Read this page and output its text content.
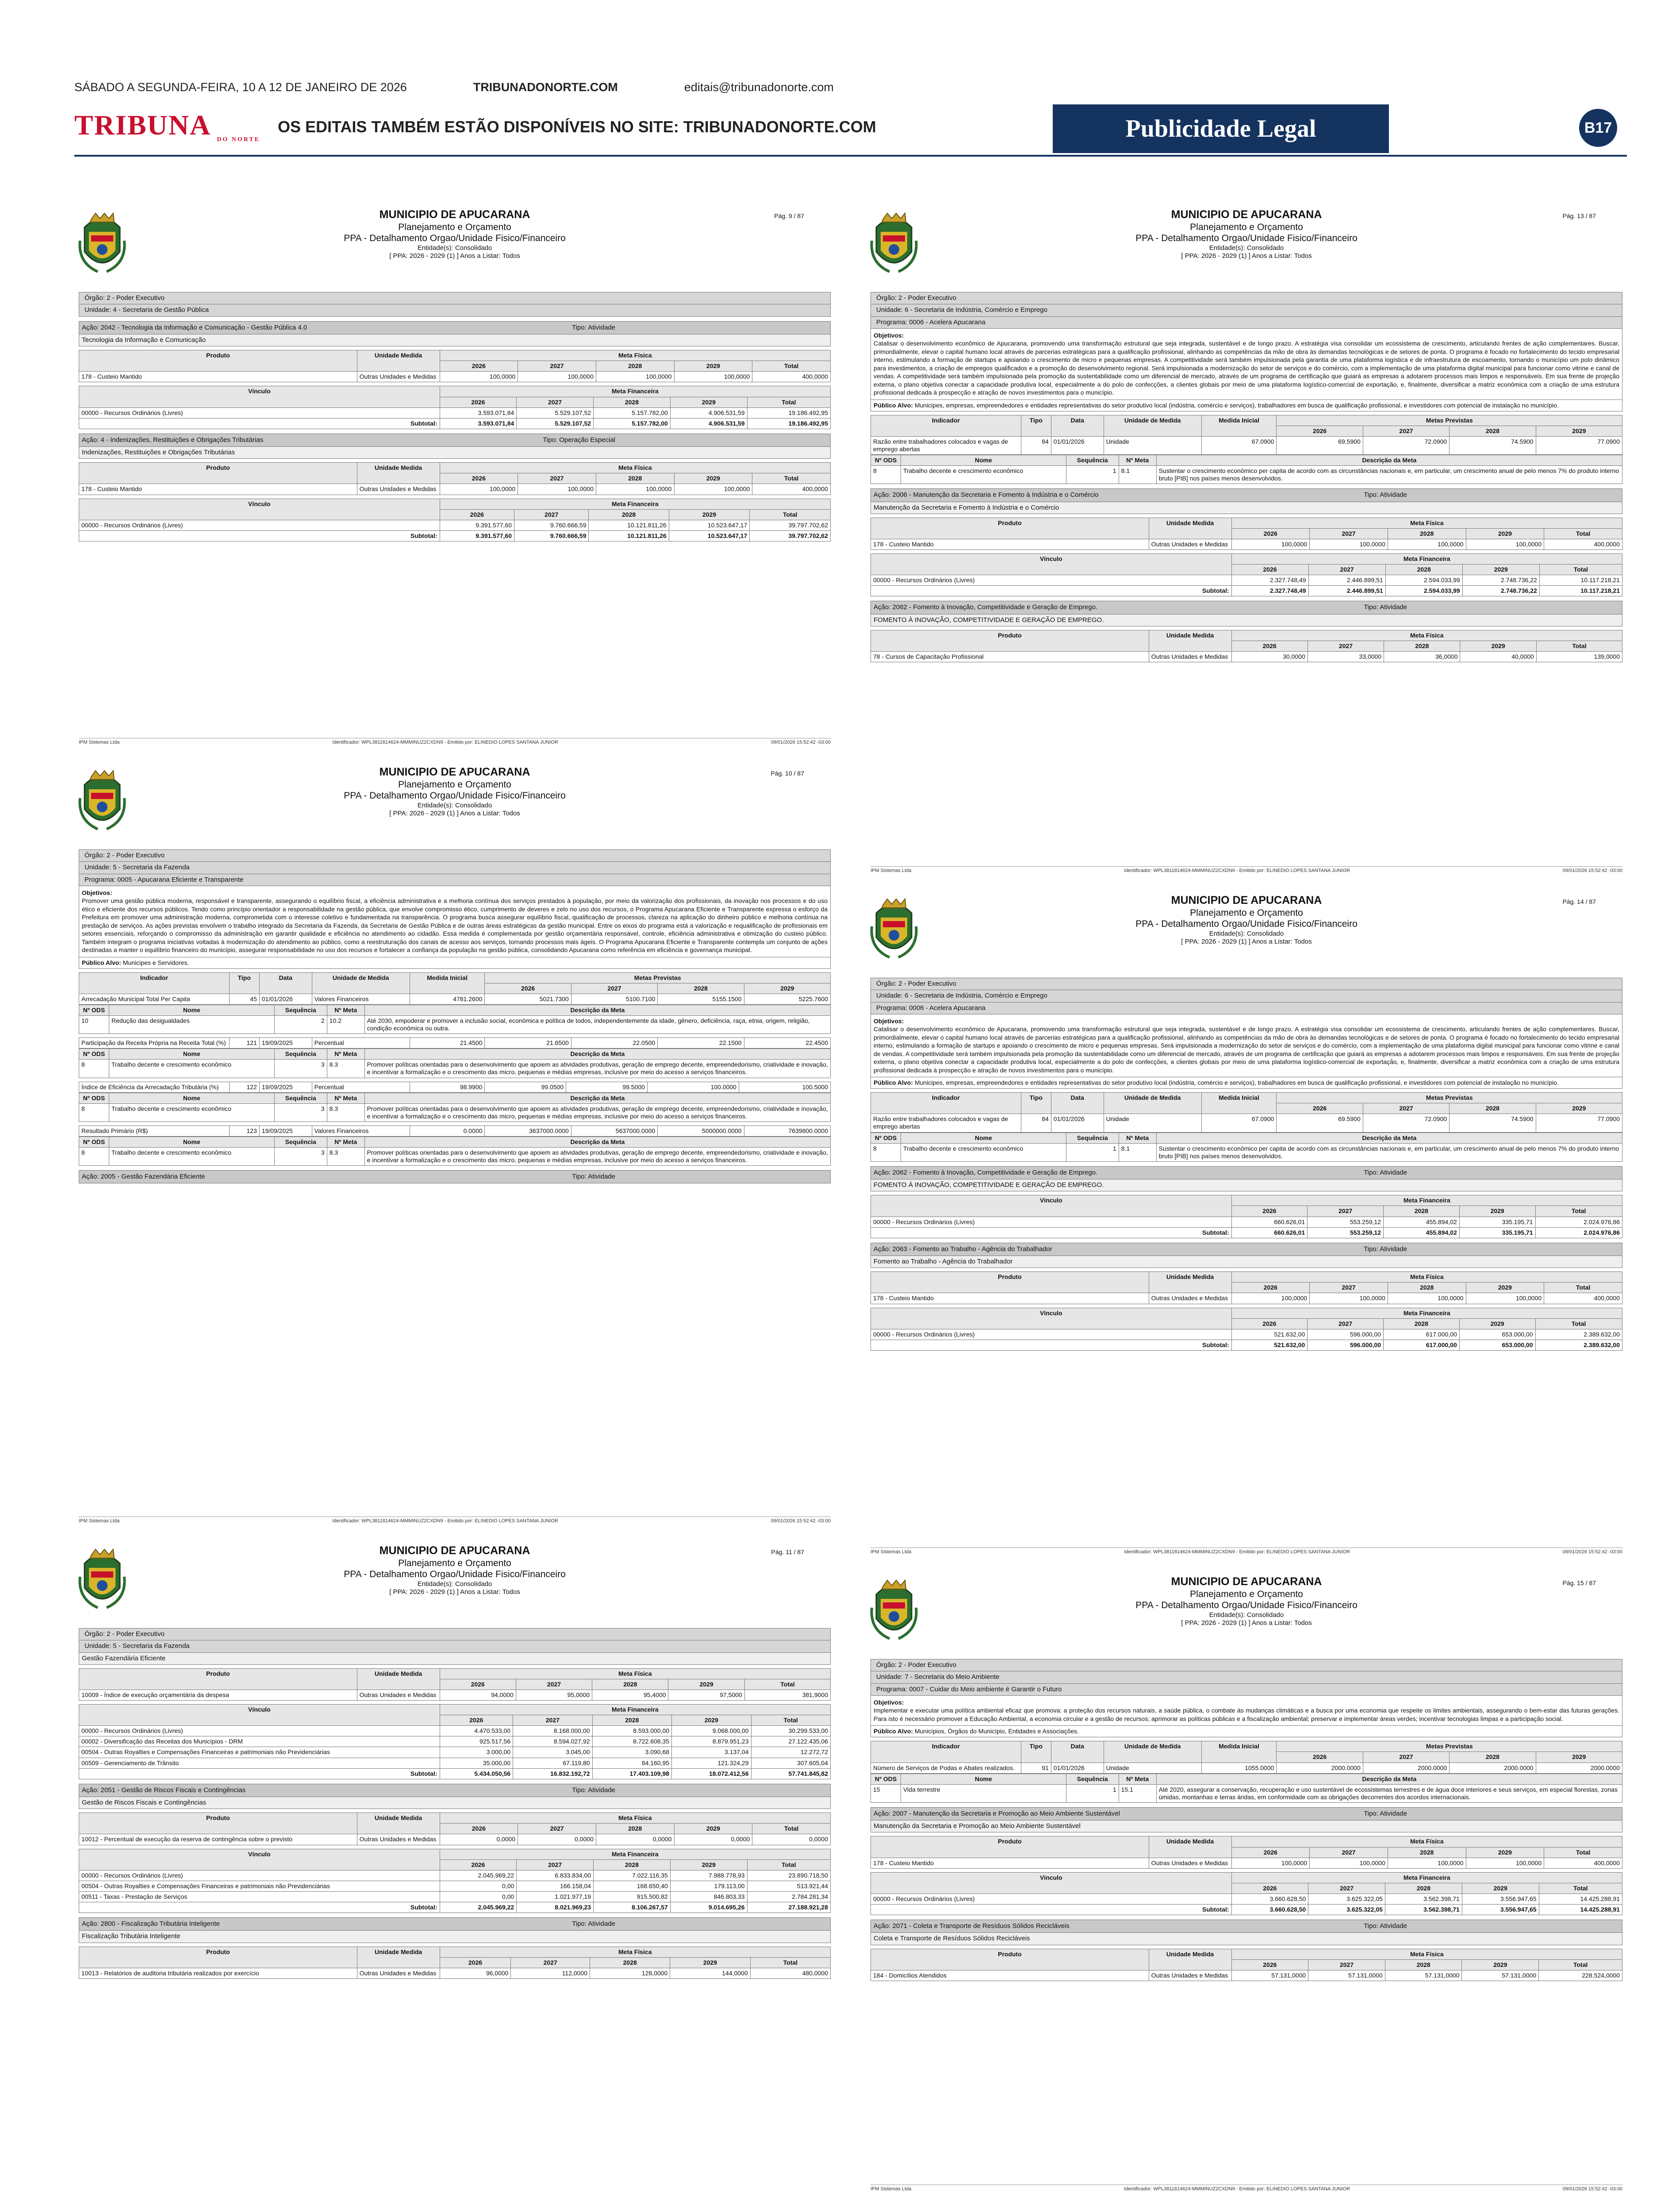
SÁBADO A SEGUNDA-FEIRA, 10 A 12 DE JANEIRO DE 2026	TRIBUNADONORTE.COM	editais@tribunadonorte.com
TRIBUNA DO NORTE
OS EDITAIS TAMBÉM ESTÃO DISPONÍVEIS NO SITE: TRIBUNADONORTE.COM	Publicidade Legal	B17
MUNICIPIO DE APUCARANA
Planejamento e Orçamento
PPA - Detalhamento Orgao/Unidade Fisico/Financeiro
Entidade(s): Consolidado
[ PPA: 2026 - 2029 (1) ] Anos a Listar: Todos
Pág. 9 / 87
Órgão: 2 - Poder Executivo
Unidade: 4 - Secretaria de Gestão Pública
Ação: 2042 - Tecnologia da Informação e Comunicação - Gestão Pública 4.0	Tipo: Atividade
Tecnologia da Informação e Comunicação
Produto	Unidade Medida	Meta Física				
		2026	2027	2028	2029	Total
178 - Custeio Mantido	Outras Unidades e Medidas	100,0000	100,0000	100,0000	100,0000	400,0000
Vínculo	Meta Financeira				
	2026	2027	2028	2029	Total
00000 - Recursos Ordinários (Livres)	3.593.071,84	5.529.107,52	5.157.782,00	4.906.531,59	19.186.492,95
Subtotal:	3.593.071,84	5.529.107,52	5.157.782,00	4.906.531,59	19.186.492,95
Ação: 4 - Indenizações, Restituições e Obrigações Tributárias	Tipo: Operação Especial
Indenizações, Restituições e Obrigações Tributárias
Produto	Unidade Medida	Meta Física				
		2026	2027	2028	2029	Total
178 - Custeio Mantido	Outras Unidades e Medidas	100,0000	100,0000	100,0000	100,0000	400,0000
Vínculo	Meta Financeira				
	2026	2027	2028	2029	Total
00000 - Recursos Ordinários (Livres)	9.391.577,60	9.760.666,59	10.121.811,26	10.523.647,17	39.797.702,62
Subtotal:	9.391.577,60	9.760.666,59	10.121.811,26	10.523.647,17	39.797.702,62
IPM Sistemas Ltda	Identificador: WPL3811814624-MMMINUZ2CXDN9 - Emitido por: ELINEDIO LOPES SANTANA JUNIOR	09/01/2026 15:52:42 -03:00
MUNICIPIO DE APUCARANA
Planejamento e Orçamento
PPA - Detalhamento Orgao/Unidade Fisico/Financeiro
Entidade(s): Consolidado
[ PPA: 2026 - 2029 (1) ] Anos a Listar: Todos
Pág. 10 / 87
Órgão: 2 - Poder Executivo
Unidade: 5 - Secretaria da Fazenda
Programa: 0005 - Apucarana Eficiente e Transparente
Objetivos:
Promover uma gestão pública moderna, responsável e transparente, assegurando o equilíbrio fiscal, a eficiência administrativa e a melhoria contínua dos serviços prestados à população, por meio da valorização dos profissionais, da inovação nos processos e do uso ético e eficiente dos recursos públicos. Tendo como princípio orientador a responsabilidade na gestão pública, que envolve compromisso ético, cumprimento de deveres e zelo no uso dos recursos, o Programa Apucarana Eficiente e Transparente expressa o esforço da Prefeitura em promover uma administração moderna, comprometida com o interesse coletivo e fundamentada na transparência. O programa busca assegurar equilíbrio fiscal, qualificação de processos, clareza na aplicação do dinheiro público e melhoria contínua na prestação de serviços. As ações previstas envolvem o trabalho integrado da Secretaria da Fazenda, da Secretaria de Gestão Pública e de outras áreas estratégicas da gestão municipal. Entre os eixos do programa está a valorização e requalificação de profissionais em setores essenciais, reforçando o compromisso da administração em garantir qualidade e eficiência no atendimento ao cidadão. Essa medida é complementada por gestão orçamentária responsável, controle, eficiência administrativa e otimização do custeio público. Também integram o programa iniciativas voltadas à modernização do atendimento ao público, como a reestruturação dos canais de acesso aos serviços, tornando processos mais ágeis. O Programa Apucarana Eficiente e Transparente contempla um conjunto de ações destinadas a manter o equilíbrio financeiro do município, assegurar responsabilidade no uso dos recursos e fortalecer a confiança da população na gestão pública, consolidando Apucarana como referência em eficiência e governança municipal.
Público Alvo: Municipes e Servidores.
Indicador	Tipo	Data	Unidade de Medida	Medida Inicial	Metas Previstas			
					2026	2027	2028	2029
Arrecadação Municipal Total Per Capita	45	01/01/2026	Valores Financeiros	4781.2600	5021.7300	5100.7100	5155.1500	5225.7600
Nº ODS	Nome	Sequência	Nº Meta	Descrição da Meta
10	Redução das desigualdades	2	10.2	Até 2030, empoderar e promover a inclusão social, econômica e política de todos, independentemente da idade, gênero, deficiência, raça, etnia, origem, religião, condição econômica ou outra.
Participação da Receita Própria na Receita Total (%)	121	19/09/2025	Percentual	21.4500	21.6500	22.0500	22.1500	22.4500
Nº ODS	Nome	Sequência	Nº Meta	Descrição da Meta
8	Trabalho decente e crescimento econômico	3	8.3	Promover políticas orientadas para o desenvolvimento que apoiem as atividades produtivas, geração de emprego decente, empreendedorismo, criatividade e inovação, e incentivar a formalização e o crescimento das micro, pequenas e médias empresas, inclusive por meio do acesso a serviços financeiros.
Índice de Eficiência da Arrecadação Tributária (%)	122	19/09/2025	Percentual	98.9900	99.0500	99.5000	100.0000	100.5000
Nº ODS	Nome	Sequência	Nº Meta	Descrição da Meta
8	Trabalho decente e crescimento econômico	3	8.3	Promover políticas orientadas para o desenvolvimento que apoiem as atividades produtivas, geração de emprego decente, empreendedorismo, criatividade e inovação, e incentivar a formalização e o crescimento das micro, pequenas e médias empresas, inclusive por meio do acesso a serviços financeiros.
Resultado Primário (R$)	123	19/09/2025	Valores Financeiros	0.0000	3637000.0000	5637000.0000	5000000.0000	7639800.0000
Nº ODS	Nome	Sequência	Nº Meta	Descrição da Meta
8	Trabalho decente e crescimento econômico	3	8.3	Promover políticas orientadas para o desenvolvimento que apoiem as atividades produtivas, geração de emprego decente, empreendedorismo, criatividade e inovação, e incentivar a formalização e o crescimento das micro, pequenas e médias empresas, inclusive por meio do acesso a serviços financeiros.
Ação: 2005 - Gestão Fazendária Eficiente	Tipo: Atividade
IPM Sistemas Ltda	Identificador: WPL3811814624-MMMINUZ2CXDN9 - Emitido por: ELINEDIO LOPES SANTANA JUNIOR	09/01/2026 15:52:42 -03:00
MUNICIPIO DE APUCARANA
Planejamento e Orçamento
PPA - Detalhamento Orgao/Unidade Fisico/Financeiro
Entidade(s): Consolidado
[ PPA: 2026 - 2029 (1) ] Anos a Listar: Todos
Pág. 11 / 87
Órgão: 2 - Poder Executivo
Unidade: 5 - Secretaria da Fazenda
Gestão Fazendária Eficiente
Produto	Unidade Medida	Meta Física				
		2026	2027	2028	2029	Total
10009 - Índice de execução orçamentária da despesa	Outras Unidades e Medidas	94,0000	95,0000	95,4000	97,5000	381,9000
Vínculo	Meta Financeira				
	2026	2027	2028	2029	Total
00000 - Recursos Ordinários (Livres)	4.470.533,00	8.168.000,00	8.593.000,00	9.068.000,00	30.299.533,00
00002 - Diversificação das Receitas dos Municípios - DRM	925.517,56	8.594.027,92	8.722.608,35	8.879.951,23	27.122.435,06
00504 - Outras Royalties e Compensações Financeiras e patrimoniais não Previdenciárias	3.000,00	3.045,00	3.090,68	3.137,04	12.272,72
00509 - Gerenciamento de Trânsito	35.000,00	67.119,80	84.160,95	121.324,29	307.605,04
Subtotal:	5.434.050,56	16.832.192,72	17.403.109,98	18.072.412,56	57.741.845,82
Ação: 2051 - Gestão de Riscos Fiscais e Contingências	Tipo: Atividade
Gestão de Riscos Fiscais e Contingências
Produto	Unidade Medida	Meta Física				
		2026	2027	2028	2029	Total
10012 - Percentual de execução da reserva de contingência sobre o previsto	Outras Unidades e Medidas	0,0000	0,0000	0,0000	0,0000	0,0000
Vínculo	Meta Financeira				
	2026	2027	2028	2029	Total
00000 - Recursos Ordinários (Livres)	2.045.969,22	6.833.834,00	7.022.116,35	7.988.778,93	23.890.718,50
00504 - Outras Royalties e Compensações Financeiras e patrimoniais não Previdenciárias	0,00	166.158,04	168.650,40	179.113,00	513.921,44
00511 - Taxas - Prestação de Serviços	0,00	1.021.977,19	915.500,82	846.803,33	2.784.281,34
Subtotal:	2.045.969,22	8.021.969,23	8.106.267,57	9.014.695,26	27.188.921,28
Ação: 2800 - Fiscalização Tributária Inteligente	Tipo: Atividade
Fiscalização Tributária Inteligente
Produto	Unidade Medida	Meta Física				
		2026	2027	2028	2029	Total
10013 - Relatórios de auditoria tributária realizados por exercício	Outras Unidades e Medidas	96,0000	112,0000	128,0000	144,0000	480,0000

MUNICIPIO DE APUCARANA
Planejamento e Orçamento
PPA - Detalhamento Orgao/Unidade Fisico/Financeiro
Entidade(s): Consolidado
[ PPA: 2026 - 2029 (1) ] Anos a Listar: Todos
Pág. 13 / 87
Órgão: 2 - Poder Executivo
Unidade: 6 - Secretaria de Indústria, Comércio e Emprego
Programa: 0006 - Acelera Apucarana
Objetivos:
Catalisar o desenvolvimento econômico de Apucarana, promovendo uma transformação estrutural que seja integrada, sustentável e de longo prazo. A estratégia visa consolidar um ecossistema de crescimento, articulando frentes de ação complementares. Buscar, primordialmente, elevar o capital humano local através de parcerias estratégicas para a qualificação profissional, alinhando as competências da mão de obra às demandas tecnológicas e de setores de ponta. O programa é focado no fortalecimento do tecido empresarial interno, estimulando a formação de startups e apoiando o crescimento de micro e pequenas empresas. A competitividade será também impulsionada pela garantia de uma plataforma logística e de infraestrutura de escoamento, tornando o município um polo dinâmico para investimentos, a criação de empregos qualificados e a promoção do desenvolvimento regional. Será impulsionada a modernização do setor de serviços e do comércio, com a implementação de uma plataforma digital municipal para funcionar como vitrine e canal de vendas. A competitividade será também impulsionada pela promoção da sustentabilidade como um diferencial de mercado, através de um programa de certificação que guiará as empresas a adotarem processos mais limpos e responsáveis. Em sua frente de projeção externa, o plano objetiva conectar a capacidade produtiva local, especialmente a do polo de confecções, a clientes globais por meio de uma plataforma logístico-comercial de exportação, e, finalmente, diversificar a matriz econômica com a criação de uma estrutura profissional dedicada à prospecção e atração de novos investimentos para o município.
Público Alvo: Municipes, empresas, empreendedores e entidades representativas do setor produtivo local (indústria, comércio e serviços), trabalhadores em busca de qualificação profissional, e investidores com potencial de instalação no município.
Indicador	Tipo	Data	Unidade de Medida	Medida Inicial	Metas Previstas			
					2026	2027	2028	2029
Razão entre trabalhadores colocados e vagas de emprego abertas	84	01/01/2026	Unidade	67.0900	69.5900	72.0900	74.5900	77.0900
Nº ODS	Nome	Sequência	Nº Meta	Descrição da Meta
8	Trabalho decente e crescimento econômico	1	8.1	Sustentar o crescimento econômico per capita de acordo com as circunstâncias nacionais e, em particular, um crescimento anual de pelo menos 7% do produto interno bruto [PIB] nos países menos desenvolvidos.
Ação: 2006 - Manutenção da Secretaria e Fomento à Indústria e o Comércio	Tipo: Atividade
Manutenção da Secretaria e Fomento à Indústria e o Comércio
Produto	Unidade Medida	Meta Física				
		2026	2027	2028	2029	Total
178 - Custeio Mantido	Outras Unidades e Medidas	100,0000	100,0000	100,0000	100,0000	400,0000
Vínculo	Meta Financeira				
	2026	2027	2028	2029	Total
00000 - Recursos Ordinários (Livres)	2.327.748,49	2.446.899,51	2.594.033,99	2.748.736,22	10.117.218,21
Subtotal:	2.327.748,49	2.446.899,51	2.594.033,99	2.748.736,22	10.117.218,21
Ação: 2062 - Fomento à Inovação, Competitividade e Geração de Emprego.	Tipo: Atividade
FOMENTO À INOVAÇÃO, COMPETITIVIDADE E GERAÇÃO DE EMPREGO.
Produto	Unidade Medida	Meta Física				
		2026	2027	2028	2029	Total
78 - Cursos de Capacitação Profissional	Outras Unidades e Medidas	30,0000	33,0000	36,0000	40,0000	139,0000
IPM Sistemas Ltda	Identificador: WPL3811814624-MMMINUZ2CXDN9 - Emitido por: ELINEDIO LOPES SANTANA JUNIOR	09/01/2026 15:52:42 -03:00
MUNICIPIO DE APUCARANA
Planejamento e Orçamento
PPA - Detalhamento Orgao/Unidade Fisico/Financeiro
Entidade(s): Consolidado
[ PPA: 2026 - 2029 (1) ] Anos a Listar: Todos
Pág. 14 / 87
Órgão: 2 - Poder Executivo
Unidade: 6 - Secretaria de Indústria, Comércio e Emprego
Programa: 0006 - Acelera Apucarana
Objetivos:
Catalisar o desenvolvimento econômico de Apucarana, promovendo uma transformação estrutural que seja integrada, sustentável e de longo prazo. A estratégia visa consolidar um ecossistema de crescimento, articulando frentes de ação complementares. Buscar, primordialmente, elevar o capital humano local através de parcerias estratégicas para a qualificação profissional, alinhando as competências da mão de obra às demandas tecnológicas e de setores de ponta. O programa é focado no fortalecimento do tecido empresarial interno, estimulando a formação de startups e apoiando o crescimento de micro e pequenas empresas. Será impulsionada a modernização do setor de serviços e do comércio, com a implementação de uma plataforma digital municipal para funcionar como vitrine e canal de vendas. A competitividade será também impulsionada pela promoção da sustentabilidade como um diferencial de mercado, através de um programa de certificação que guiará as empresas a adotarem processos mais limpos e responsáveis. Em sua frente de projeção externa, o plano objetiva conectar a capacidade produtiva local, especialmente a do polo de confecções, a clientes globais por meio de uma plataforma logístico-comercial de exportação, e, finalmente, diversificar a matriz econômica com a criação de uma estrutura profissional dedicada à prospecção e atração de novos investimentos para o município.
Público Alvo: Municipes, empresas, empreendedores e entidades representativas do setor produtivo local (indústria, comércio e serviços), trabalhadores em busca de qualificação profissional, e investidores com potencial de instalação no município.
Indicador	Tipo	Data	Unidade de Medida	Medida Inicial	Metas Previstas			
					2026	2027	2028	2029
Razão entre trabalhadores colocados e vagas de emprego abertas	84	01/01/2026	Unidade	67.0900	69.5900	72.0900	74.5900	77.0900
Nº ODS	Nome	Sequência	Nº Meta	Descrição da Meta
8	Trabalho decente e crescimento econômico	1	8.1	Sustentar o crescimento econômico per capita de acordo com as circunstâncias nacionais e, em particular, um crescimento anual de pelo menos 7% do produto interno bruto [PIB] nos países menos desenvolvidos.
Ação: 2062 - Fomento à Inovação, Competitividade e Geração de Emprego.	Tipo: Atividade
FOMENTO À INOVAÇÃO, COMPETITIVIDADE E GERAÇÃO DE EMPREGO.
Vínculo	Meta Financeira				
	2026	2027	2028	2029	Total
00000 - Recursos Ordinários (Livres)	660.626,01	553.259,12	455.894,02	335.195,71	2.024.976,86
Subtotal:	660.626,01	553.259,12	455.894,02	335.195,71	2.024.976,86
Ação: 2063 - Fomento ao Trabalho - Agência do Trabalhador	Tipo: Atividade
Fomento ao Trabalho - Agência do Trabalhador
Produto	Unidade Medida	Meta Física				
		2026	2027	2028	2029	Total
178 - Custeio Mantido	Outras Unidades e Medidas	100,0000	100,0000	100,0000	100,0000	400,0000
Vínculo	Meta Financeira				
	2026	2027	2028	2029	Total
00000 - Recursos Ordinários (Livres)	521.632,00	596.000,00	617.000,00	653.000,00	2.389.632,00
Subtotal:	521.632,00	596.000,00	617.000,00	653.000,00	2.389.632,00
IPM Sistemas Ltda	Identificador: WPL3811814624-MMMINUZ2CXDN9 - Emitido por: ELINEDIO LOPES SANTANA JUNIOR	09/01/2026 15:52:42 -03:00
MUNICIPIO DE APUCARANA
Planejamento e Orçamento
PPA - Detalhamento Orgao/Unidade Fisico/Financeiro
Entidade(s): Consolidado
[ PPA: 2026 - 2029 (1) ] Anos a Listar: Todos
Pág. 15 / 87
Órgão: 2 - Poder Executivo
Unidade: 7 - Secretaria do Meio Ambiente
Programa: 0007 - Cuidar do Meio ambiente é Garantir o Futuro
Objetivos:
Implementar e executar uma política ambiental eficaz que promova: a proteção dos recursos naturais, a saúde pública, o combate às mudanças climáticas e a busca por uma economia que respeite os limites ambientais, assegurando o bem-estar das futuras gerações. Para isto é necessário promover a Educação Ambiental, a economia circular e a gestão de recursos; aprimorar as políticas públicas e a fiscalização ambiental; preservar e implementar áreas verdes; incentivar tecnologias limpas e a participação social.
Público Alvo: Municípios, Órgãos do Município, Entidades e Associações.
Indicador	Tipo	Data	Unidade de Medida	Medida Inicial	Metas Previstas			
					2026	2027	2028	2029
Número de Serviços de Podas e Abates realizados.	91	01/01/2026	Unidade	1055.0000	2000.0000	2000.0000	2000.0000	2000.0000
Nº ODS	Nome	Sequência	Nº Meta	Descrição da Meta
15	Vida terrestre	1	15.1	Até 2020, assegurar a conservação, recuperação e uso sustentável de ecossistemas terrestres e de água doce interiores e seus serviços, em especial florestas, zonas úmidas, montanhas e terras áridas, em conformidade com as obrigações decorrentes dos acordos internacionais.
Ação: 2007 - Manutenção da Secretaria e Promoção ao Meio Ambiente Sustentável	Tipo: Atividade
Manutenção da Secretaria e Promoção ao Meio Ambiente Sustentável
Produto	Unidade Medida	Meta Física				
		2026	2027	2028	2029	Total
178 - Custeio Mantido	Outras Unidades e Medidas	100,0000	100,0000	100,0000	100,0000	400,0000
Vínculo	Meta Financeira				
	2026	2027	2028	2029	Total
00000 - Recursos Ordinários (Livres)	3.660.628,50	3.625.322,05	3.562.398,71	3.556.947,65	14.425.288,91
Subtotal:	3.660.628,50	3.625.322,05	3.562.398,71	3.556.947,65	14.425.288,91
Ação: 2071 - Coleta e Transporte de Resíduos Sólidos Recicláveis	Tipo: Atividade
Coleta e Transporte de Resíduos Sólidos Recicláveis
Produto	Unidade Medida	Meta Física				
		2026	2027	2028	2029	Total
184 - Domicílios Atendidos	Outras Unidades e Medidas	57.131,0000	57.131,0000	57.131,0000	57.131,0000	228.524,0000
IPM Sistemas Ltda	Identificador: WPL3811814624-MMMINUZ2CXDN9 - Emitido por: ELINEDIO LOPES SANTANA JUNIOR	09/01/2026 15:52:42 -03:00
